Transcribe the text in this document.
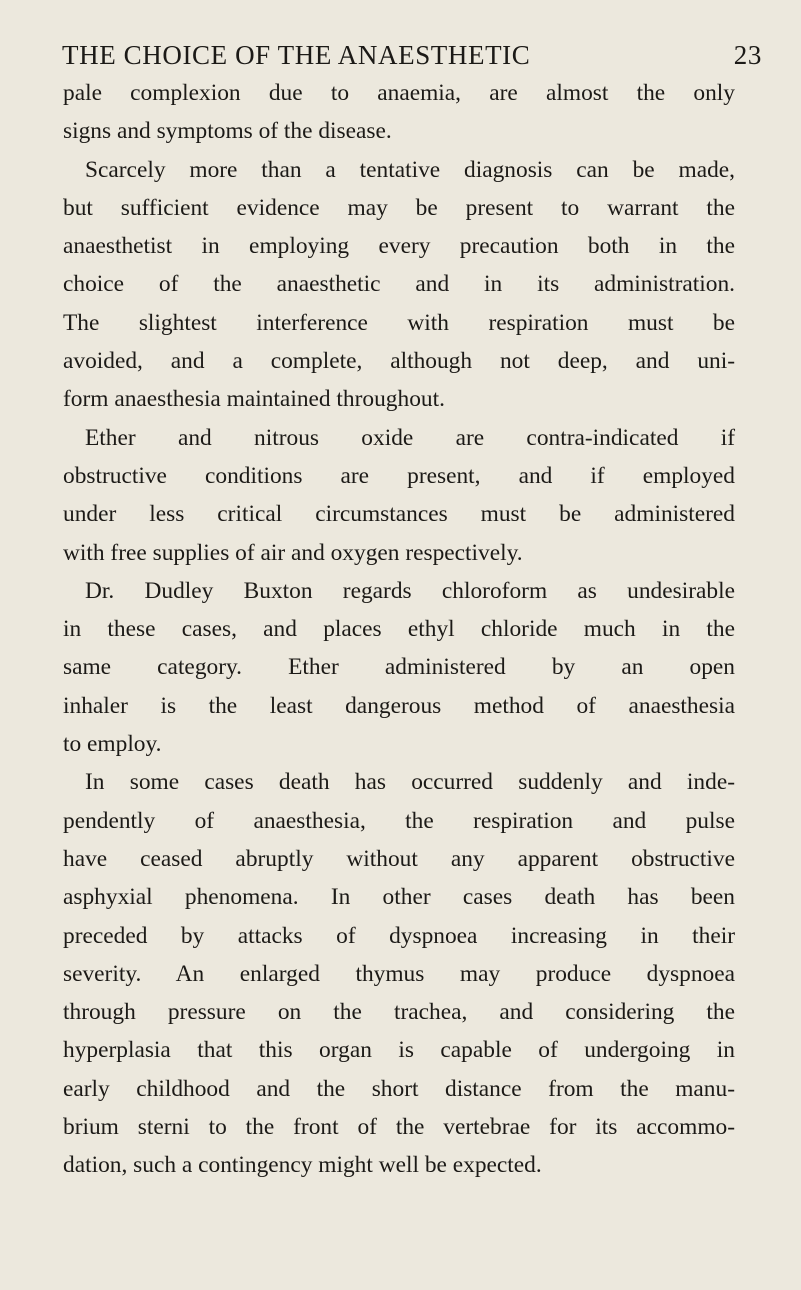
THE CHOICE OF THE ANAESTHETIC	23
pale complexion due to anaemia, are almost the only
signs and symptoms of the disease.
Scarcely more than a tentative diagnosis can be made,
but sufficient evidence may be present to warrant the
anaesthetist in employing every precaution both in the
choice of the anaesthetic and in its administration.
The slightest interference with respiration must be
avoided, and a complete, although not deep, and uni-
form anaesthesia maintained throughout.
Ether and nitrous oxide are contra-indicated if
obstructive conditions are present, and if employed
under less critical circumstances must be administered
with free supplies of air and oxygen respectively.
Dr. Dudley Buxton regards chloroform as undesirable
in these cases, and places ethyl chloride much in the
same category. Ether administered by an open
inhaler is the least dangerous method of anaesthesia
to employ.
In some cases death has occurred suddenly and inde-
pendently of anaesthesia, the respiration and pulse
have ceased abruptly without any apparent obstructive
asphyxial phenomena. In other cases death has been
preceded by attacks of dyspnoea increasing in their
severity. An enlarged thymus may produce dyspnoea
through pressure on the trachea, and considering the
hyperplasia that this organ is capable of undergoing in
early childhood and the short distance from the manu-
brium sterni to the front of the vertebrae for its accommo-
dation, such a contingency might well be expected.
